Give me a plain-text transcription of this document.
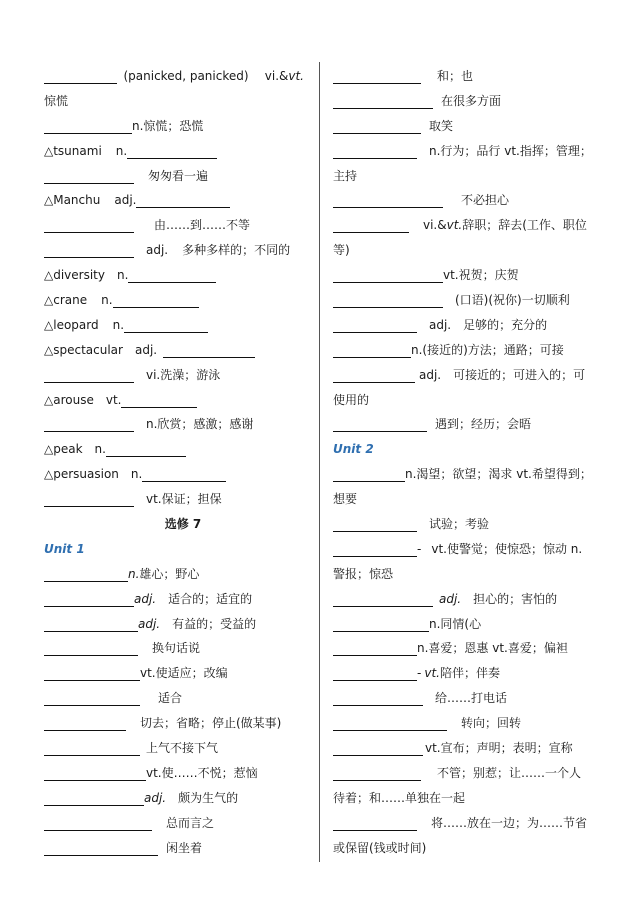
(panicked, panicked) vi.& vt.
惊慌
n.惊慌；恐慌
△tsunami n.
匆匆看一遍
△Manchu adj.
由……到……不等
adj. 多种多样的；不同的
△diversity n.
△crane n.
△leopard n.
△spectacular adj.
vi.洗澡；游泳
△arouse vt.
n.欣赏；感激；感谢
△peak n.
△persuasion n.
vt.保证；担保
选修 7
Unit 1
n. 雄心；野心
adj. 适合的；适宜的
adj. 有益的；受益的
换句话说
vt.使适应；改编
适合
切去；省略；停止(做某事)
上气不接下气
vt.使……不悦；惹恼
adj. 颇为生气的
总而言之
闲坐着
和；也
在很多方面
取笑
n.行为；品行 vt.指挥；管理；
主持
不必担心
vi.& vt. 辞职；辞去(工作、职位
等)
vt.祝贺；庆贺
(口语)(祝你)一切顺利
adj. 足够的；充分的
n.(接近的)方法；通路；可接
adj. 可接近的；可进入的；可
使用的
遇到；经历；会晤
Unit 2
n.渴望；欲望；渴求 vt.希望得到；
想要
试验；考验
- vt.使警觉；使惊恐；惊动 n.
警报；惊恐
adj. 担心的；害怕的
n.同情(心
n.喜爱；恩惠 vt.喜爱；偏袒
- vt. 陪伴；伴奏
给……打电话
转向；回转
vt.宣布；声明；表明；宣称
不管；别惹；让……一个人
待着；和……单独在一起
将……放在一边；为……节省
或保留(钱或时间)
